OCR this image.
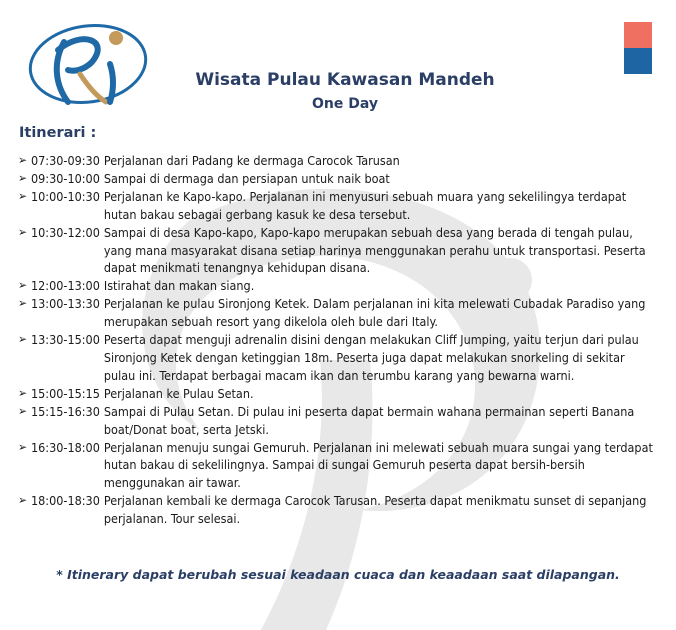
Wisata Pulau Kawasan Mandeh
One Day
Itinerari :
➢ 07:30-09:30 Perjalanan dari Padang ke dermaga Carocok Tarusan
➢ 09:30-10:00 Sampai di dermaga dan persiapan untuk naik boat
➢ 10:00-10:30 Perjalanan ke Kapo-kapo. Perjalanan ini menyusuri sebuah muara yang sekelilingya terdapat hutan bakau sebagai gerbang kasuk ke desa tersebut.
➢ 10:30-12:00 Sampai di desa Kapo-kapo, Kapo-kapo merupakan sebuah desa yang berada di tengah pulau, yang mana masyarakat disana setiap harinya menggunakan perahu untuk transportasi. Peserta dapat menikmati tenangnya kehidupan disana.
➢ 12:00-13:00 Istirahat dan makan siang.
➢ 13:00-13:30 Perjalanan ke pulau Sironjong Ketek. Dalam perjalanan ini kita melewati Cubadak Paradiso yang merupakan sebuah resort yang dikelola oleh bule dari Italy.
➢ 13:30-15:00 Peserta dapat menguji adrenalin disini dengan melakukan Cliff Jumping, yaitu terjun dari pulau Sironjong Ketek dengan ketinggian 18m. Peserta juga dapat melakukan snorkeling di sekitar pulau ini. Terdapat berbagai macam ikan dan terumbu karang yang bewarna warni.
➢ 15:00-15:15 Perjalanan ke Pulau Setan.
➢ 15:15-16:30 Sampai di Pulau Setan. Di pulau ini peserta dapat bermain wahana permainan seperti Banana boat/Donat boat, serta Jetski.
➢ 16:30-18:00 Perjalanan menuju sungai Gemuruh. Perjalanan ini melewati sebuah muara sungai yang terdapat hutan bakau di sekelilingnya. Sampai di sungai Gemuruh peserta dapat bersih-bersih menggunakan air tawar.
➢ 18:00-18:30 Perjalanan kembali ke dermaga Carocok Tarusan. Peserta dapat menikmatu sunset di sepanjang perjalanan. Tour selesai.

* Itinerary dapat berubah sesuai keadaan cuaca dan keaadaan saat dilapangan.
